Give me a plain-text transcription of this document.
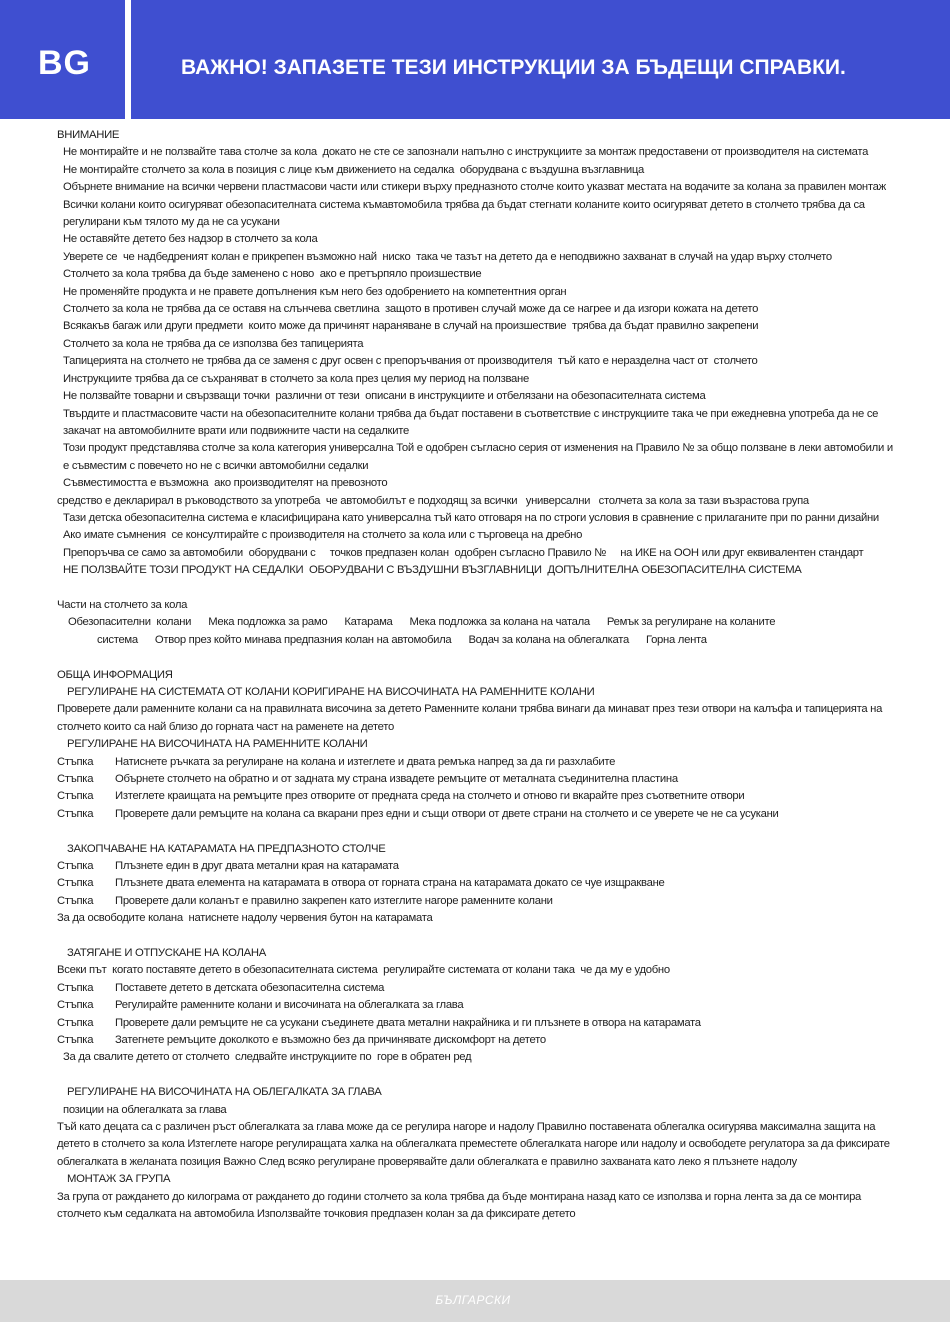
BG	ВАЖНО! ЗАПАЗЕТЕ ТЕЗИ ИНСТРУКЦИИ ЗА БЪДЕЩИ СПРАВКИ.

ВНИМАНИЕ

Не монтирайте и не ползвайте тава столче за кола  докато не сте се запознали напълно с инструкциите за монтаж предоставени от производителя на системата

Не монтирайте столчето за кола в позиция с лице към движението на седалка  оборудвана с въздушна възглавница

Обърнете внимание на всички червени пластмасови части или стикери върху предназното столче които указват местата на водачите за колана за правилен монтаж

Всички колани които осигуряват обезопасителната система къмавтомобила трябва да бъдат стегнати коланите които осигуряват детето в столчето трябва да са регулирани към тялото му да не са усукани

Не оставяйте детето без надзор в столчето за кола

Уверете се  че надбедреният колан е прикрепен възможно най  ниско  така че тазът на детето да е неподвижно захванат в случай на удар върху столчето

Столчето за кола трябва да бъде заменено с ново  ако е претърпяло произшествие

Не променяйте продукта и не правете допълнения към него без одобрението на компетентния орган

Столчето за кола не трябва да се оставя на слънчева светлина  защото в противен случай може да се нагрее и да изгори кожата на детето

Всякакъв багаж или други предмети  които може да причинят нараняване в случай на произшествие  трябва да бъдат правилно закрепени

Столчето за кола не трябва да се използва без тапицерията

Тапицерията на столчето не трябва да се заменя с друг освен с препоръчвания от производителя  тъй като е неразделна част от  столчето

Инструкциите трябва да се съхраняват в столчето за кола през целия му период на ползване

Не ползвайте товарни и свързващи точки  различни от тези  описани в инструкциите и отбелязани на обезопасителната система

Твърдите и пластмасовите части на обезопасителните колани трябва да бъдат поставени в съответствие с инструкциите така че при ежедневна употреба да не се закачат на автомобилните врати или подвижните части на седалките

Този продукт представлява столче за кола категория универсална Той е одобрен съгласно серия от изменения на Правило № за общо ползване в леки автомобили и е съвместим с повечето но не с всички автомобилни седалки

Съвместимостта е възможна  ако производителят на превозното

средство е декларирал в ръководството за употреба  че автомобилът е подходящ за всички   универсални   столчета за кола за тази възрастова група

Тази детска обезопасителна система е класифицирана като универсална тъй като отговаря на по строги условия в сравнение с прилаганите при по ранни дизайни

Ако имате съмнения  се консултирайте с производителя на столчето за кола или с търговеца на дребно

Препоръчва се само за автомобили  оборудвани с     точков предпазен колан  одобрен съгласно Правило №     на ИКЕ на ООН или друг еквивалентен стандарт

НЕ ПОЛЗВАЙТЕ ТОЗИ ПРОДУКТ НА СЕДАЛКИ  ОБОРУДВАНИ С ВЪЗДУШНИ ВЪЗГЛАВНИЦИ  ДОПЪЛНИТЕЛНА ОБЕЗОПАСИТЕЛНА СИСТЕМА

Части на столчето за кола

Обезопасителни  колани      Мека подложка за рамо      Катарама      Мека подложка за колана на чатала      Ремък за регулиране на коланите

система      Отвор през който минава предпазния колан на автомобила      Водач за колана на облегалката      Горна лента

ОБЩА ИНФОРМАЦИЯ

РЕГУЛИРАНЕ НА СИСТЕМАТА ОТ КОЛАНИ КОРИГИРАНЕ НА ВИСОЧИНАТА НА РАМЕННИТЕ КОЛАНИ

Проверете дали раменните колани са на правилната височина за детето Раменните колани трябва винаги да минават през тези отвори на калъфа и тапицерията на столчето които са най близо до горната част на раменете на детето

РЕГУЛИРАНЕ НА ВИСОЧИНАТА НА РАМЕННИТЕ КОЛАНИ

Стъпка	Натиснете ръчката за регулиране на колана и изтеглете и двата ремъка напред за да ги разхлабите
Стъпка	Обърнете столчето на обратно и от задната му страна извадете ремъците от металната съединителна пластина
Стъпка	Изтеглете краищата на ремъците през отворите от предната среда на столчето и отново ги вкарайте през съответните отвори
Стъпка	Проверете дали ремъците на колана са вкарани през едни и същи отвори от двете страни на столчето и се уверете че не са усукани

ЗАКОПЧАВАНЕ НА КАТАРАМАТА НА ПРЕДПАЗНОТО СТОЛЧЕ

Стъпка	Плъзнете един в друг двата метални края на катарамата
Стъпка	Плъзнете двата елемента на катарамата в отвора от горната страна на катарамата докато се чуе изщракване
Стъпка	Проверете дали коланът е правилно закрепен като изтеглите нагоре раменните колани

За да освободите колана  натиснете надолу червения бутон на катарамата

ЗАТЯГАНЕ И ОТПУСКАНЕ НА КОЛАНА

Всеки път  когато поставяте детето в обезопасителната система  регулирайте системата от колани така  че да му е удобно

Стъпка	Поставете детето в детската обезопасителна система
Стъпка	Регулирайте раменните колани и височината на облегалката за глава
Стъпка	Проверете дали ремъците не са усукани съединете двата метални накрайника и ги плъзнете в отвора на катарамата
Стъпка	Затегнете ремъците доколкото е възможно без да причинявате дискомфорт на детето

За да свалите детето от столчето  следвайте инструкциите по  горе в обратен ред

РЕГУЛИРАНЕ НА ВИСОЧИНАТА НА ОБЛЕГАЛКАТА ЗА ГЛАВА

позиции на облегалката за глава

Тъй като децата са с различен ръст облегалката за глава може да се регулира нагоре и надолу Правилно поставената облегалка осигурява максимална защита на детето в столчето за кола Изтеглете нагоре регулиращата халка на облегалката преместете облегалката нагоре или надолу и освободете регулатора за да фиксирате облегалката в желаната позиция Важно След всяко регулиране проверявайте дали облегалката е правилно захваната като леко я плъзнете надолу

МОНТАЖ ЗА ГРУПА

За група от раждането до килограма от раждането до години столчето за кола трябва да бъде монтирана назад като се използва и горна лента за да се монтира столчето към седалката на автомобила Използвайте точковия предпазен колан за да фиксирате детето

БЪЛГАРСКИ
